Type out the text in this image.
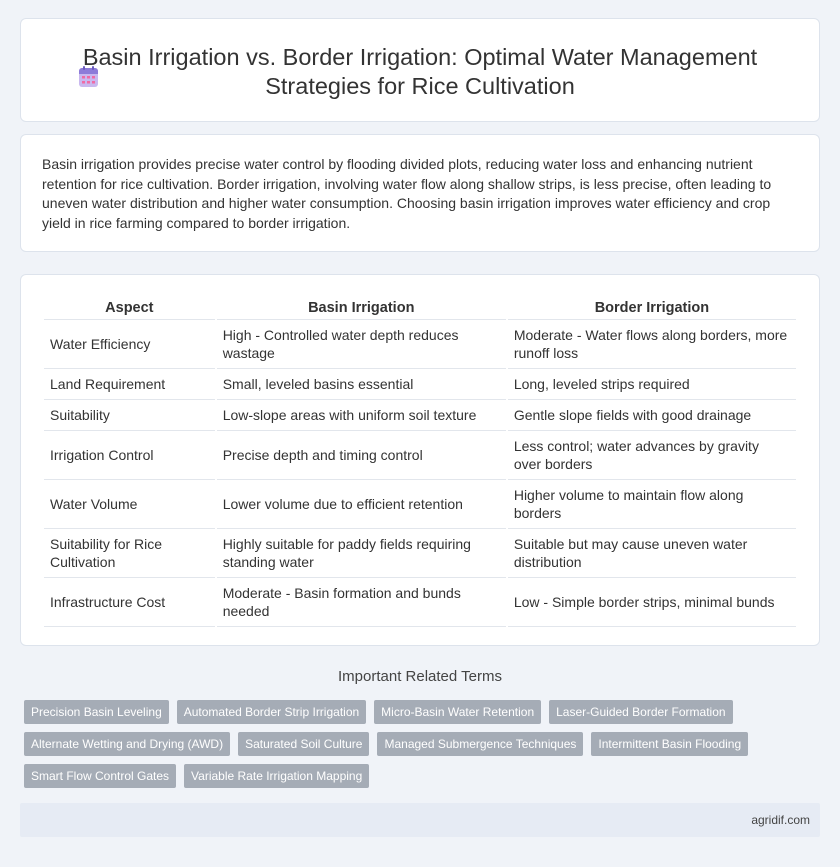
Basin Irrigation vs. Border Irrigation: Optimal Water Management Strategies for Rice Cultivation

Basin irrigation provides precise water control by flooding divided plots, reducing water loss and enhancing nutrient retention for rice cultivation. Border irrigation, involving water flow along shallow strips, is less precise, often leading to uneven water distribution and higher water consumption. Choosing basin irrigation improves water efficiency and crop yield in rice farming compared to border irrigation.

Aspect	Basin Irrigation	Border Irrigation
Water Efficiency	High - Controlled water depth reduces wastage	Moderate - Water flows along borders, more runoff loss
Land Requirement	Small, leveled basins essential	Long, leveled strips required
Suitability	Low-slope areas with uniform soil texture	Gentle slope fields with good drainage
Irrigation Control	Precise depth and timing control	Less control; water advances by gravity over borders
Water Volume	Lower volume due to efficient retention	Higher volume to maintain flow along borders
Suitability for Rice Cultivation	Highly suitable for paddy fields requiring standing water	Suitable but may cause uneven water distribution
Infrastructure Cost	Moderate - Basin formation and bunds needed	Low - Simple border strips, minimal bunds
Important Related Terms
Precision Basin Leveling	Automated Border Strip Irrigation	Micro-Basin Water Retention	Laser-Guided Border Formation
Alternate Wetting and Drying (AWD)	Saturated Soil Culture	Managed Submergence Techniques	Intermittent Basin Flooding
Smart Flow Control Gates	Variable Rate Irrigation Mapping
agridif.com
